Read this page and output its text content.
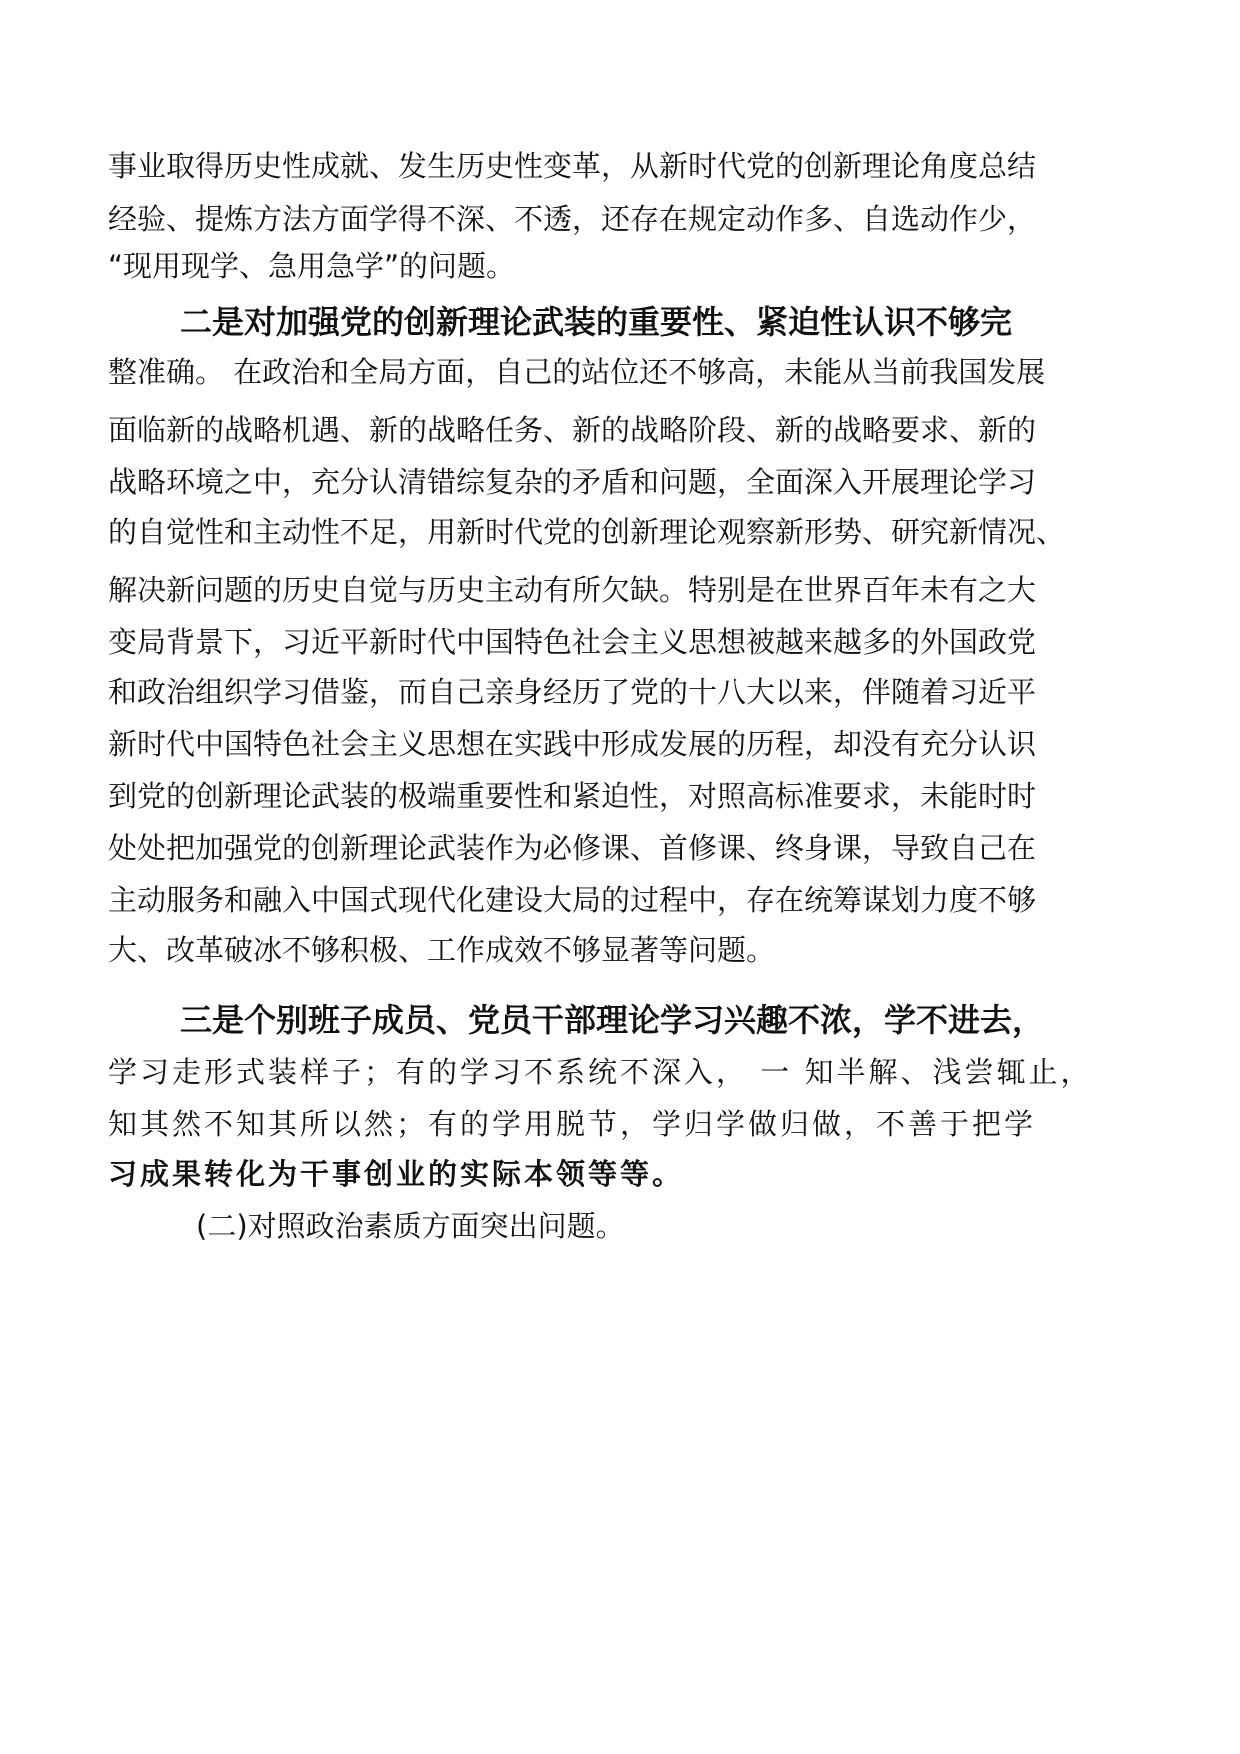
事业取得历史性成就、发生历史性变革，从新时代党的创新理论角度总结
经验、提炼方法方面学得不深、不透，还存在规定动作多、自选动作少，
“现用现学、急用急学”的问题。
二是对加强党的创新理论武装的重要性、紧迫性认识不够完
整准确。 在政治和全局方面，自己的站位还不够高，未能从当前我国发展
面临新的战略机遇、新的战略任务、新的战略阶段、新的战略要求、新的
战略环境之中，充分认清错综复杂的矛盾和问题，全面深入开展理论学习
的自觉性和主动性不足，用新时代党的创新理论观察新形势、研究新情况、
解决新问题的历史自觉与历史主动有所欠缺。特别是在世界百年未有之大
变局背景下，习近平新时代中国特色社会主义思想被越来越多的外国政党
和政治组织学习借鉴，而自己亲身经历了党的十八大以来，伴随着习近平
新时代中国特色社会主义思想在实践中形成发展的历程，却没有充分认识
到党的创新理论武装的极端重要性和紧迫性，对照高标准要求，未能时时
处处把加强党的创新理论武装作为必修课、首修课、终身课，导致自己在
主动服务和融入中国式现代化建设大局的过程中，存在统筹谋划力度不够
大、改革破冰不够积极、工作成效不够显著等问题。
三是个别班子成员、党员干部理论学习兴趣不浓，学不进去，
学习走形式装样子；有的学习不系统不深入， 一 知半解、浅尝辄止，
知其然不知其所以然；有的学用脱节，学归学做归做，不善于把学
习成果转化为干事创业的实际本领等等。
(二)对照政治素质方面突出问题。
